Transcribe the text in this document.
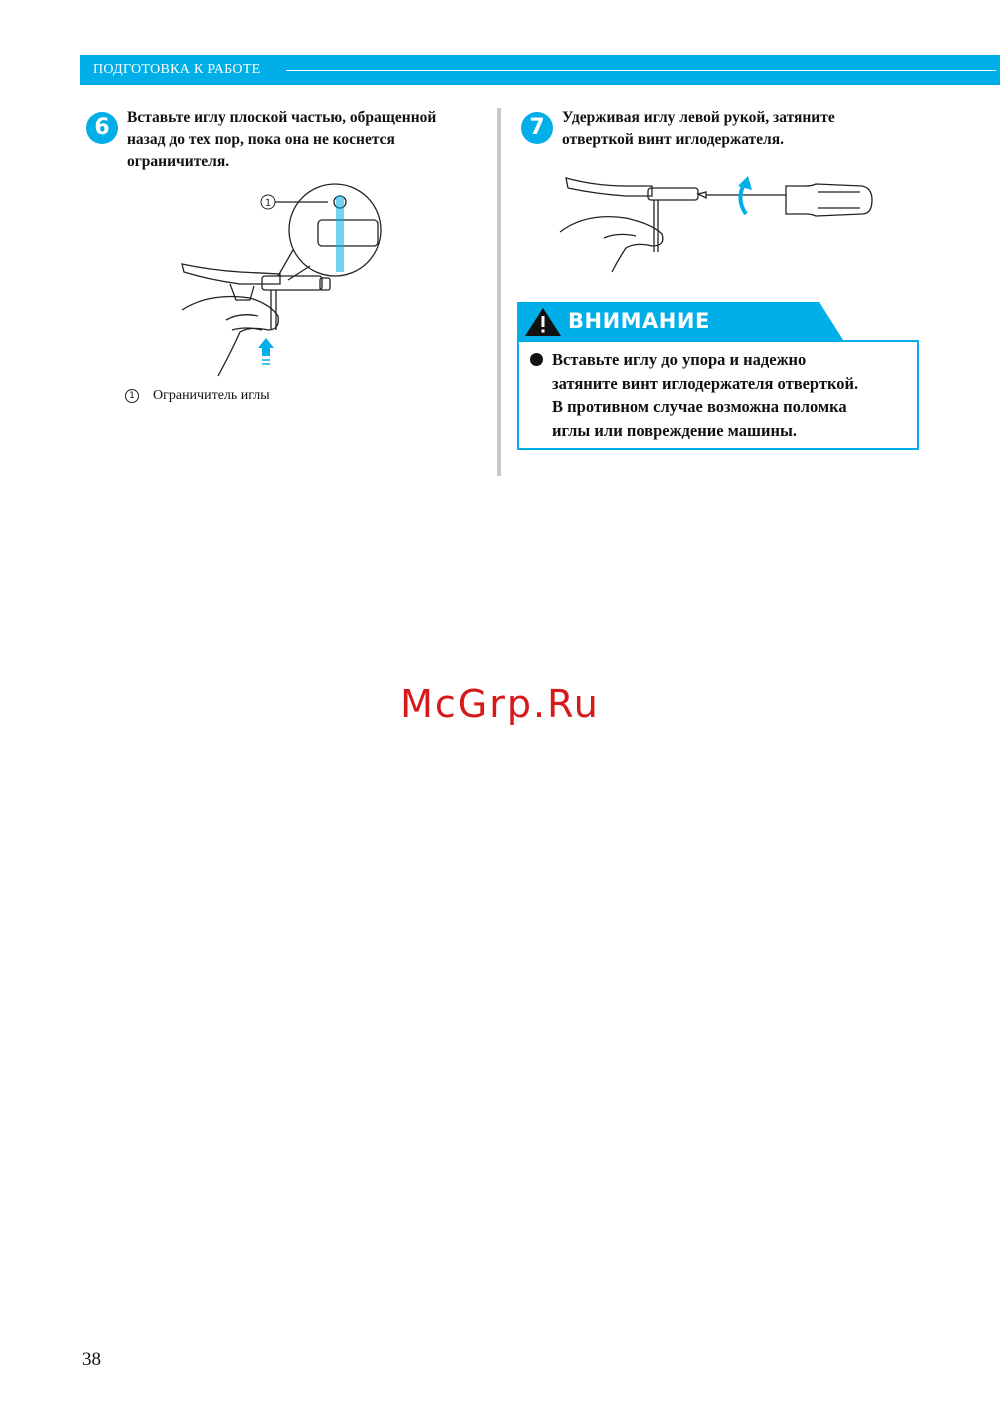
ПОДГОТОВКА К РАБОТЕ
6	Вставьте иглу плоской частью, обращенной
назад до тех пор, пока она не коснется
ограничителя.
1
1 Ограничитель иглы
7	Удерживая иглу левой рукой, затяните
отверткой винт иглодержателя.
ВНИМАНИЕ
Вставьте иглу до упора и надежно
затяните винт иглодержателя отверткой.
В противном случае возможна поломка
иглы или повреждение машины.
McGrp.Ru
38
